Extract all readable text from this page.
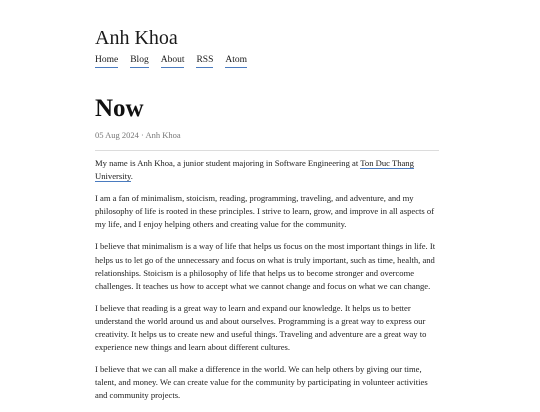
Anh Khoa
Home Blog About RSS Atom
Now
05 Aug 2024 · Anh Khoa

My name is Anh Khoa, a junior student majoring in Software Engineering at Ton Duc Thang University.

I am a fan of minimalism, stoicism, reading, programming, traveling, and adventure, and my philosophy of life is rooted in these principles. I strive to learn, grow, and improve in all aspects of my life, and I enjoy helping others and creating value for the community.

I believe that minimalism is a way of life that helps us focus on the most important things in life. It helps us to let go of the unnecessary and focus on what is truly important, such as time, health, and relationships. Stoicism is a philosophy of life that helps us to become stronger and overcome challenges. It teaches us how to accept what we cannot change and focus on what we can change.

I believe that reading is a great way to learn and expand our knowledge. It helps us to better understand the world around us and about ourselves. Programming is a great way to express our creativity. It helps us to create new and useful things. Traveling and adventure are a great way to experience new things and learn about different cultures.

I believe that we can all make a difference in the world. We can help others by giving our time, talent, and money. We can create value for the community by participating in volunteer activities and community projects.
